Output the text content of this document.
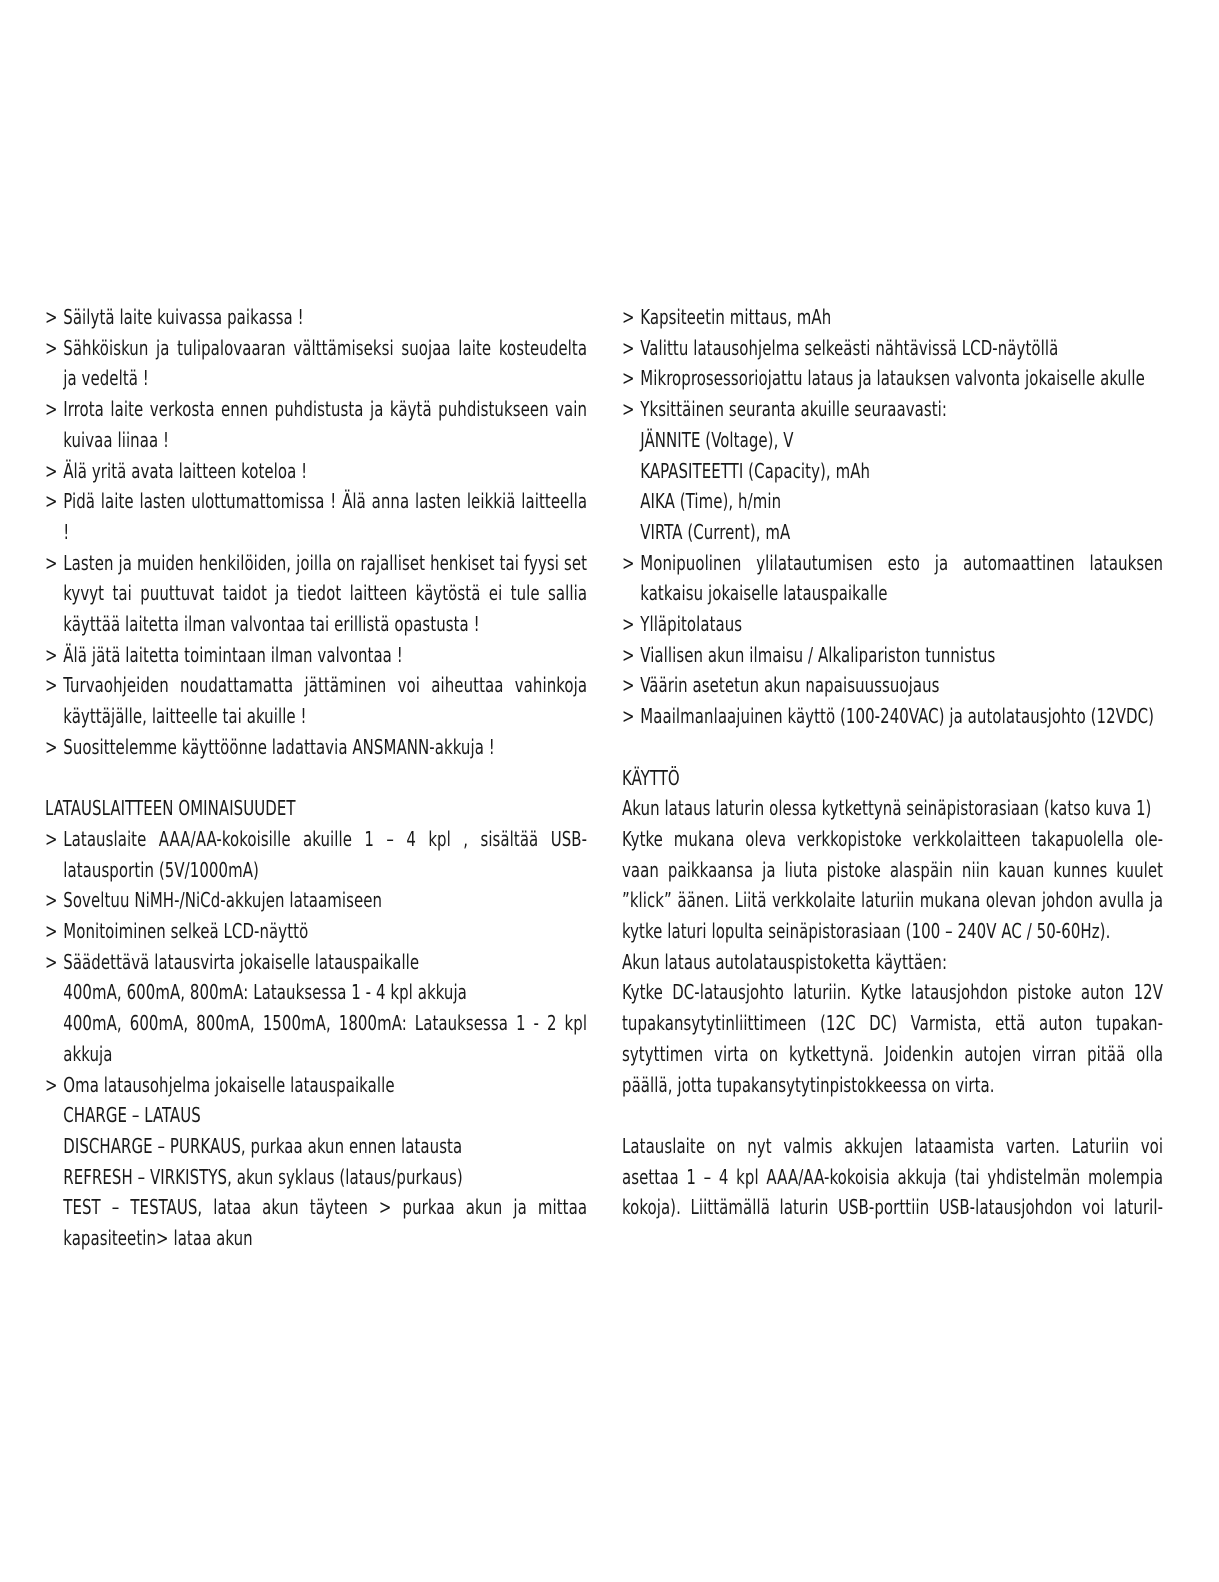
> Säilytä laite kuivassa paikassa !
> Sähköiskun ja tulipalovaaran välttämiseksi suojaa laite kosteudelta ja vedeltä !
> Irrota laite verkosta ennen puhdistusta ja käytä puhdistukseen vain kuivaa liinaa !
> Älä yritä avata laitteen koteloa !
> Pidä laite lasten ulottumattomissa ! Älä anna lasten leikkiä laitteella !
> Lasten ja muiden henkilöiden, joilla on rajalliset henkiset tai fyysi set kyvyt tai puuttuvat taidot ja tiedot laitteen käytöstä ei tule sallia käyttää laitetta ilman valvontaa tai erillistä opastusta !
> Älä jätä laitetta toimintaan ilman valvontaa !
> Turvaohjeiden noudattamatta jättäminen voi aiheuttaa vahinkoja käyttäjälle, laitteelle tai akuille !
> Suosittelemme käyttöönne ladattavia ANSMANN-akkuja !
LATAUSLAITTEEN OMINAISUUDET
> Latauslaite AAA/AA-kokoisille akuille 1 – 4 kpl , sisältää USB-latausportin (5V/1000mA)
> Soveltuu NiMH-/NiCd-akkujen lataamiseen
> Monitoiminen selkeä LCD-näyttö
> Säädettävä latausvirta jokaiselle latauspaikalle
400mA, 600mA, 800mA: Latauksessa 1 - 4 kpl akkuja
400mA, 600mA, 800mA, 1500mA, 1800mA: Latauksessa 1 - 2 kpl akkuja
> Oma latausohjelma jokaiselle latauspaikalle
CHARGE – LATAUS
DISCHARGE – PURKAUS, purkaa akun ennen latausta
REFRESH – VIRKISTYS, akun syklaus (lataus/purkaus)
TEST – TESTAUS, lataa akun täyteen > purkaa akun ja mittaa kapasiteetin> lataa akun
> Kapsiteetin mittaus, mAh
> Valittu latausohjelma selkeästi nähtävissä LCD-näytöllä
> Mikroprosessoriojattu lataus ja latauksen valvonta jokaiselle akulle
> Yksittäinen seuranta akuille seuraavasti:
JÄNNITE (Voltage), V
KAPASITEETTI (Capacity), mAh
AIKA (Time), h/min
VIRTA (Current), mA
> Monipuolinen ylilatautumisen esto ja automaattinen latauksen katkaisu jokaiselle latauspaikalle
> Ylläpitolataus
> Viallisen akun ilmaisu / Alkalipariston tunnistus
> Väärin asetetun akun napaisuussuojaus
> Maailmanlaajuinen käyttö (100-240VAC) ja autolatausjohto (12VDC)
KÄYTTÖ
Akun lataus laturin olessa kytkettynä seinäpistorasiaan (katso kuva 1)
Kytke mukana oleva verkkopistoke verkkolaitteen takapuolella ole- vaan paikkaansa ja liuta pistoke alaspäin niin kauan kunnes kuulet ”klick” äänen. Liitä verkkolaite laturiin mukana olevan johdon avulla ja kytke laturi lopulta seinäpistorasiaan (100 – 240V AC / 50-60Hz).
Akun lataus autolatauspistoketta käyttäen:
Kytke DC-latausjohto laturiin. Kytke latausjohdon pistoke auton 12V tupakansytytinliittimeen (12C DC) Varmista, että auton tupakan- sytyttimen virta on kytkettynä. Joidenkin autojen virran pitää olla päällä, jotta tupakansytytinpistokkeessa on virta.
Latauslaite on nyt valmis akkujen lataamista varten. Laturiin voi asettaa 1 – 4 kpl AAA/AA-kokoisia akkuja (tai yhdistelmän molempia kokoja). Liittämällä laturin USB-porttiin USB-latausjohdon voi laturil-
